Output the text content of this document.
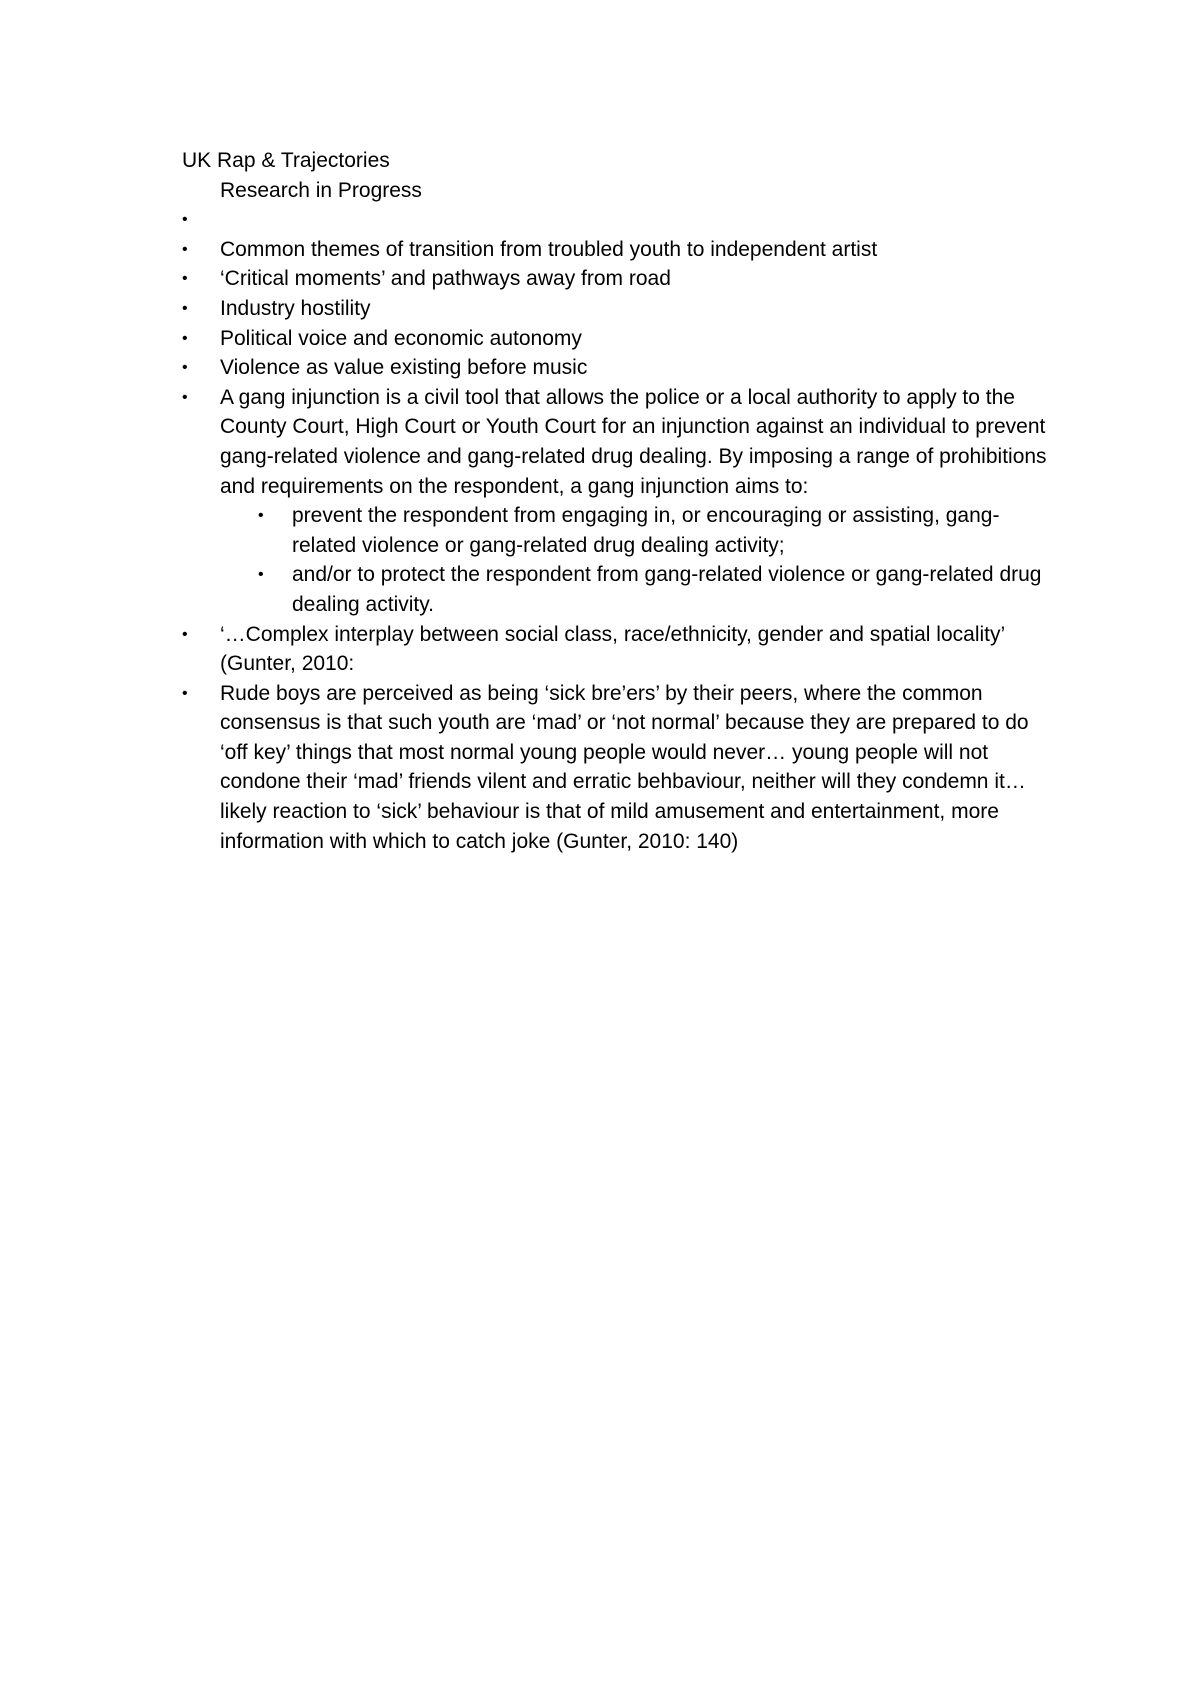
UK Rap & Trajectories
Research in Progress
•
•	Common themes of transition from troubled youth to independent artist
•	‘Critical moments’ and pathways away from road
•	Industry hostility
•	Political voice and economic autonomy
•	Violence as value existing before music
•	A gang injunction is a civil tool that allows the police or a local authority to apply to the County Court, High Court or Youth Court for an injunction against an individual to prevent gang-related violence and gang-related drug dealing. By imposing a range of prohibitions and requirements on the respondent, a gang injunction aims to:
•	prevent the respondent from engaging in, or encouraging or assisting, gang-related violence or gang-related drug dealing activity;
•	and/or to protect the respondent from gang-related violence or gang-related drug dealing activity.
•	‘…Complex interplay between social class, race/ethnicity, gender and spatial locality’ (Gunter, 2010:
•	Rude boys are perceived as being ‘sick bre’ers’ by their peers, where the common consensus is that such youth are ‘mad’ or ‘not normal’ because they are prepared to do ‘off key’ things that most normal young people would never… young people will not condone their ‘mad’ friends vilent and erratic behbaviour, neither will they condemn it… likely reaction to ‘sick’ behaviour is that of mild amusement and entertainment, more information with which to catch joke (Gunter, 2010: 140)
